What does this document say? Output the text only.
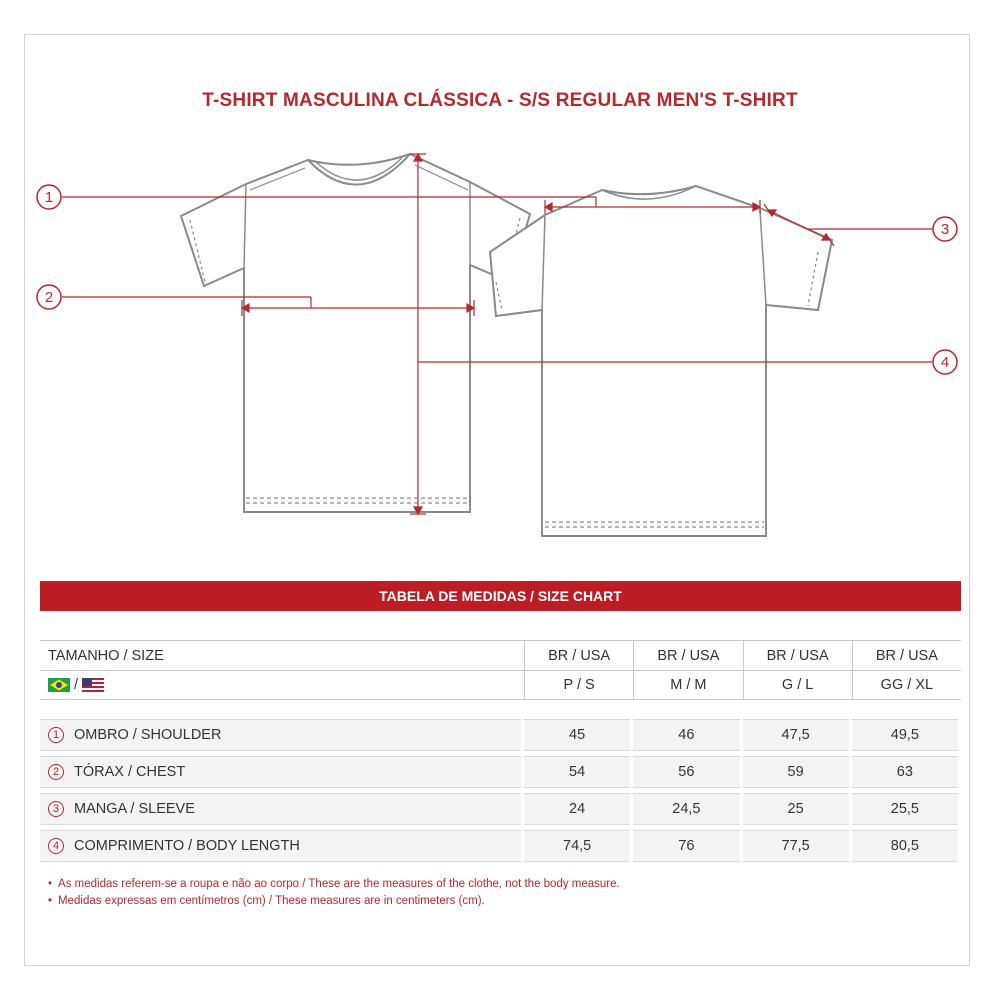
T-SHIRT MASCULINA CLÁSSICA - S/S REGULAR MEN'S T-SHIRT
1
2
3
4
TABELA DE MEDIDAS / SIZE CHART
TAMANHO / SIZE	BR / USA	BR / USA	BR / USA	BR / USA
/	P / S	M / M	G / L	GG / XL
1	OMBRO / SHOULDER	45	46	47,5	49,5
2	TÓRAX / CHEST	54	56	59	63
3	MANGA / SLEEVE	24	24,5	25	25,5
4	COMPRIMENTO / BODY LENGTH	74,5	76	77,5	80,5
• As medidas referem-se a roupa e não ao corpo / These are the measures of the clothe, not the body measure.
• Medidas expressas em centímetros (cm) / These measures are in centimeters (cm).
